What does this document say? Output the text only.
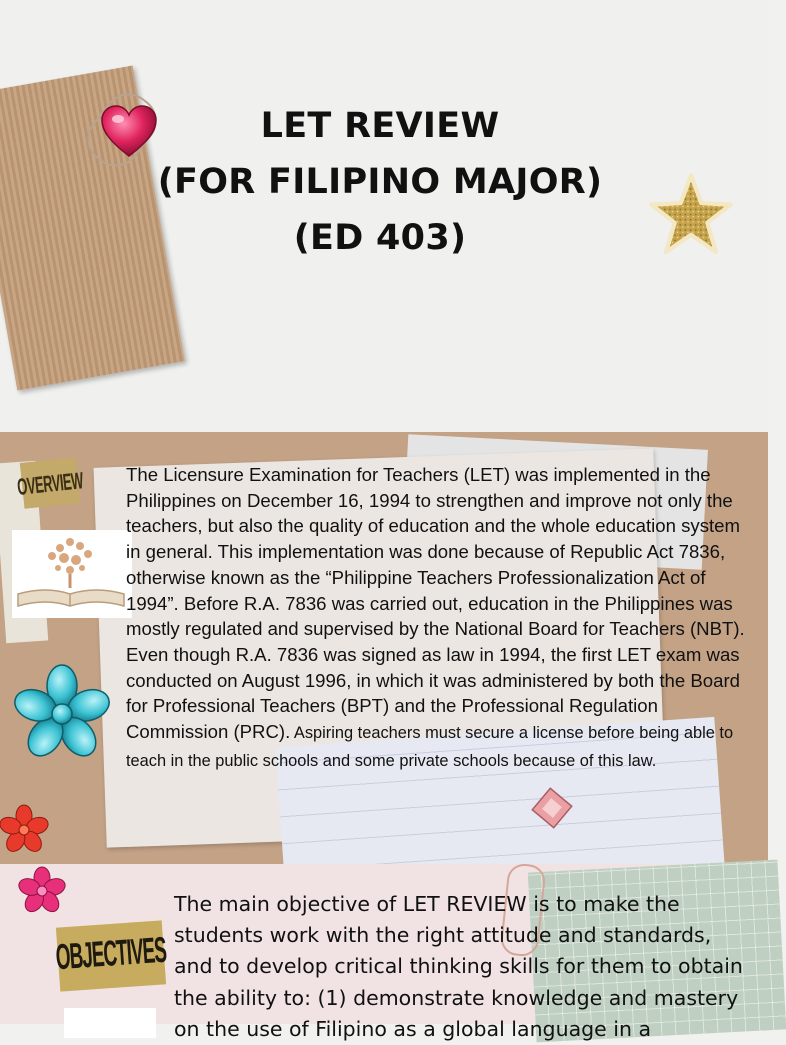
LET REVIEW
(FOR FILIPINO MAJOR)
(ED 403)
OVERVIEW The Licensure Examination for Teachers (LET) was implemented in the Philippines on December 16, 1994 to strengthen and improve not only the teachers, but also the quality of education and the whole education system in general. This implementation was done because of Republic Act 7836, otherwise known as the “Philippine Teachers Professionalization Act of 1994”. Before R.A. 7836 was carried out, education in the Philippines was mostly regulated and supervised by the National Board for Teachers (NBT). Even though R.A. 7836 was signed as law in 1994, the first LET exam was conducted on August 1996, in which it was administered by both the Board for Professional Teachers (BPT) and the Professional Regulation Commission (PRC). Aspiring teachers must secure a license before being able to teach in the public schools and some private schools because of this law.
OBJECTIVES
The main objective of LET REVIEW is to make the students work with the right attitude and standards, and to develop critical thinking skills for them to obtain the ability to: (1) demonstrate knowledge and mastery on the use of Filipino as a global language in a
